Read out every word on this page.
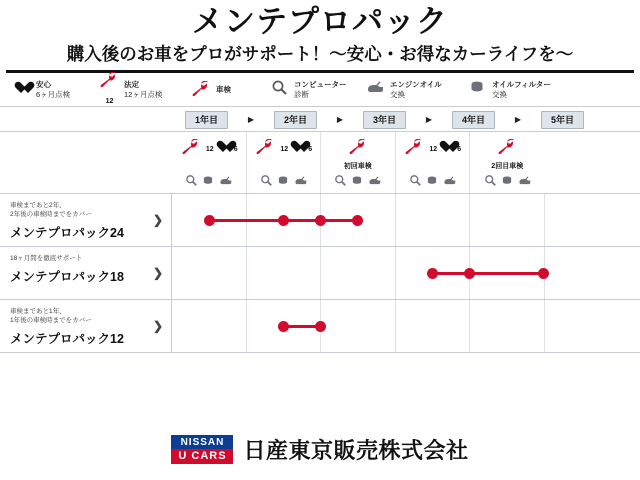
メンテプロパック
購入後のお車をプロがサポート！～安心・お得なカーライフを～
安心
6ヶ月点検
12
法定
12ヶ月点検
車検
コンピューター
診断
エンジンオイル
交換
オイルフィルター
交換
1年目	▶	2年目	▶	3年目	▶	4年目	▶	5年目
12	6	12	6
初回車検
12	6
2回目車検
車検まであと2年、
2年後の車検時までをカバー
メンテプロパック24
❯
18ヶ月間を徹底サポート
メンテプロパック18	❯
車検まであと1年、
1年後の車検時までをカバー
メンテプロパック12
❯
NISSAN
U CARS 日産東京販売株式会社
